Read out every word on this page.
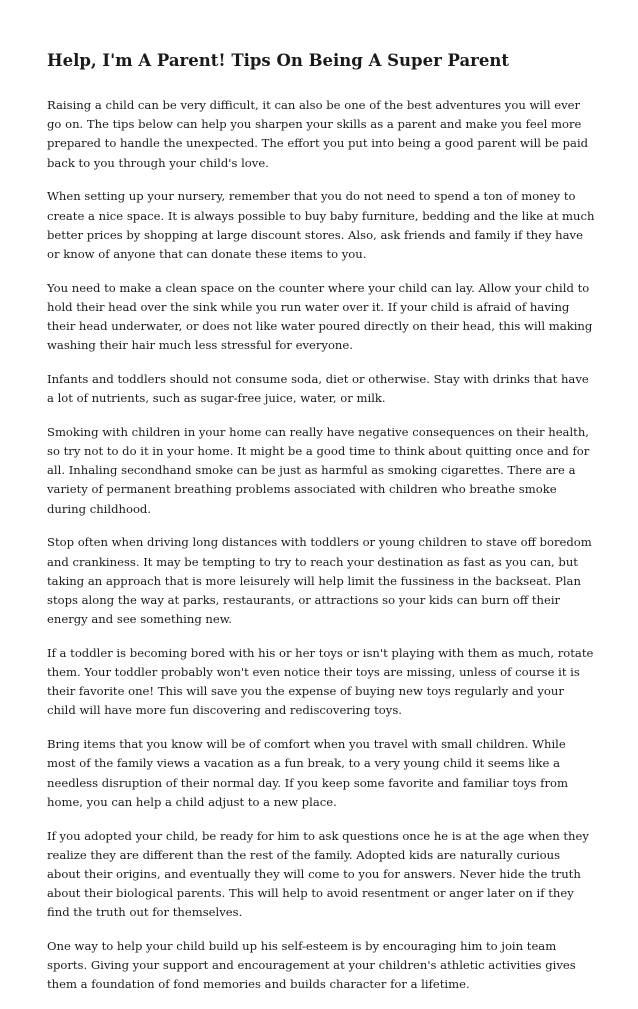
Help, I'm A Parent! Tips On Being A Super Parent

Raising a child can be very difficult, it can also be one of the best adventures you will ever go on. The tips below can help you sharpen your skills as a parent and make you feel more prepared to handle the unexpected. The effort you put into being a good parent will be paid back to you through your child's love.

When setting up your nursery, remember that you do not need to spend a ton of money to create a nice space. It is always possible to buy baby furniture, bedding and the like at much better prices by shopping at large discount stores. Also, ask friends and family if they have or know of anyone that can donate these items to you.

You need to make a clean space on the counter where your child can lay. Allow your child to hold their head over the sink while you run water over it. If your child is afraid of having their head underwater, or does not like water poured directly on their head, this will making washing their hair much less stressful for everyone.

Infants and toddlers should not consume soda, diet or otherwise. Stay with drinks that have a lot of nutrients, such as sugar-free juice, water, or milk.

Smoking with children in your home can really have negative consequences on their health, so try not to do it in your home. It might be a good time to think about quitting once and for all. Inhaling secondhand smoke can be just as harmful as smoking cigarettes. There are a variety of permanent breathing problems associated with children who breathe smoke during childhood.

Stop often when driving long distances with toddlers or young children to stave off boredom and crankiness. It may be tempting to try to reach your destination as fast as you can, but taking an approach that is more leisurely will help limit the fussiness in the backseat. Plan stops along the way at parks, restaurants, or attractions so your kids can burn off their energy and see something new.

If a toddler is becoming bored with his or her toys or isn't playing with them as much, rotate them. Your toddler probably won't even notice their toys are missing, unless of course it is their favorite one! This will save you the expense of buying new toys regularly and your child will have more fun discovering and rediscovering toys.

Bring items that you know will be of comfort when you travel with small children. While most of the family views a vacation as a fun break, to a very young child it seems like a needless disruption of their normal day. If you keep some favorite and familiar toys from home, you can help a child adjust to a new place.

If you adopted your child, be ready for him to ask questions once he is at the age when they realize they are different than the rest of the family. Adopted kids are naturally curious about their origins, and eventually they will come to you for answers. Never hide the truth about their biological parents. This will help to avoid resentment or anger later on if they find the truth out for themselves.

One way to help your child build up his self-esteem is by encouraging him to join team sports. Giving your support and encouragement at your children's athletic activities gives them a foundation of fond memories and builds character for a lifetime.
